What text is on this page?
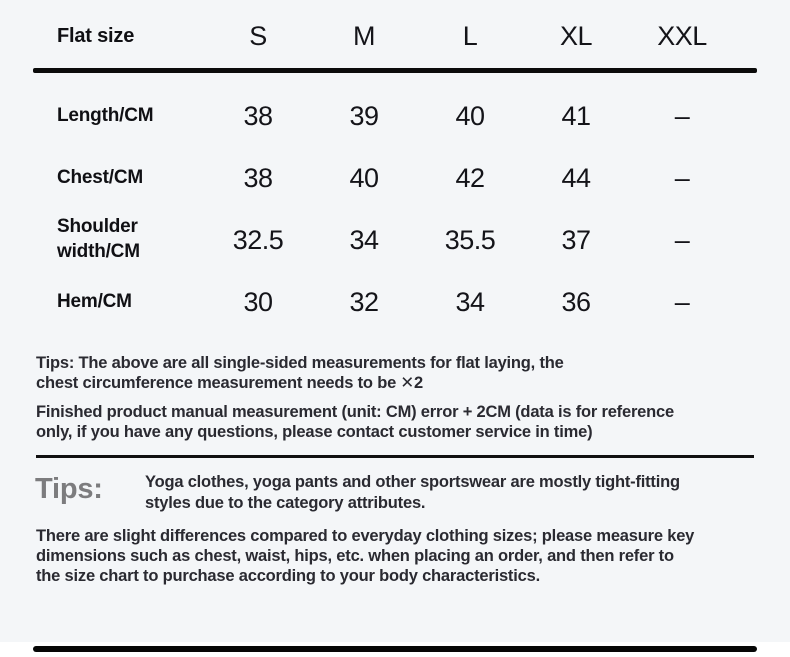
Flat size	S	M	L	XL	XXL
Length/CM	38	39	40	41	–
Chest/CM	38	40	42	44	–
Shoulder width/CM	32.5	34	35.5	37	–
Hem/CM	30	32	34	36	–
Tips: The above are all single-sided measurements for flat laying, the
chest circumference measurement needs to be ✕2
Finished product manual measurement (unit: CM) error + 2CM (data is for reference
only, if you have any questions, please contact customer service in time)
Tips:	Yoga clothes, yoga pants and other sportswear are mostly tight-fitting
styles due to the category attributes.
There are slight differences compared to everyday clothing sizes; please measure key
dimensions such as chest, waist, hips, etc. when placing an order, and then refer to
the size chart to purchase according to your body characteristics.
